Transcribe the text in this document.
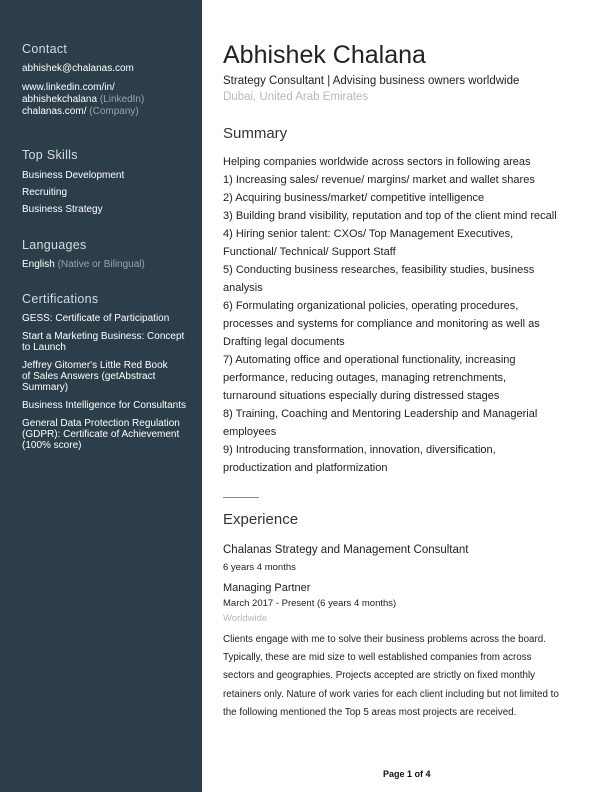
Contact
abhishek@chalanas.com
www.linkedin.com/in/
abhishekchalana (LinkedIn)
chalanas.com/ (Company)
Top Skills
Business Development
Recruiting
Business Strategy
Languages
English (Native or Bilingual)
Certifications
GESS: Certificate of Participation
Start a Marketing Business: Concept
to Launch
Jeffrey Gitomer's Little Red Book
of Sales Answers (getAbstract
Summary)
Business Intelligence for Consultants
General Data Protection Regulation
(GDPR): Certificate of Achievement
(100% score)
Abhishek Chalana
Strategy Consultant | Advising business owners worldwide
Dubai, United Arab Emirates
Summary
Helping companies worldwide across sectors in following areas
1) Increasing sales/ revenue/ margins/ market and wallet shares
2) Acquiring business/market/ competitive intelligence
3) Building brand visibility, reputation and top of the client mind recall
4) Hiring senior talent: CXOs/ Top Management Executives,
Functional/ Technical/ Support Staff
5) Conducting business researches, feasibility studies, business
analysis
6) Formulating organizational policies, operating procedures,
processes and systems for compliance and monitoring as well as
Drafting legal documents
7) Automating office and operational functionality, increasing
performance, reducing outages, managing retrenchments,
turnaround situations especially during distressed stages
8) Training, Coaching and Mentoring Leadership and Managerial
employees
9) Introducing transformation, innovation, diversification,
productization and platformization
Experience
Chalanas Strategy and Management Consultant
6 years 4 months
Managing Partner
March 2017 - Present (6 years 4 months)
Worldwide
Clients engage with me to solve their business problems across the board.
Typically, these are mid size to well established companies from across
sectors and geographies. Projects accepted are strictly on fixed monthly
retainers only. Nature of work varies for each client including but not limited to
the following mentioned the Top 5 areas most projects are received.
Page 1 of 4
